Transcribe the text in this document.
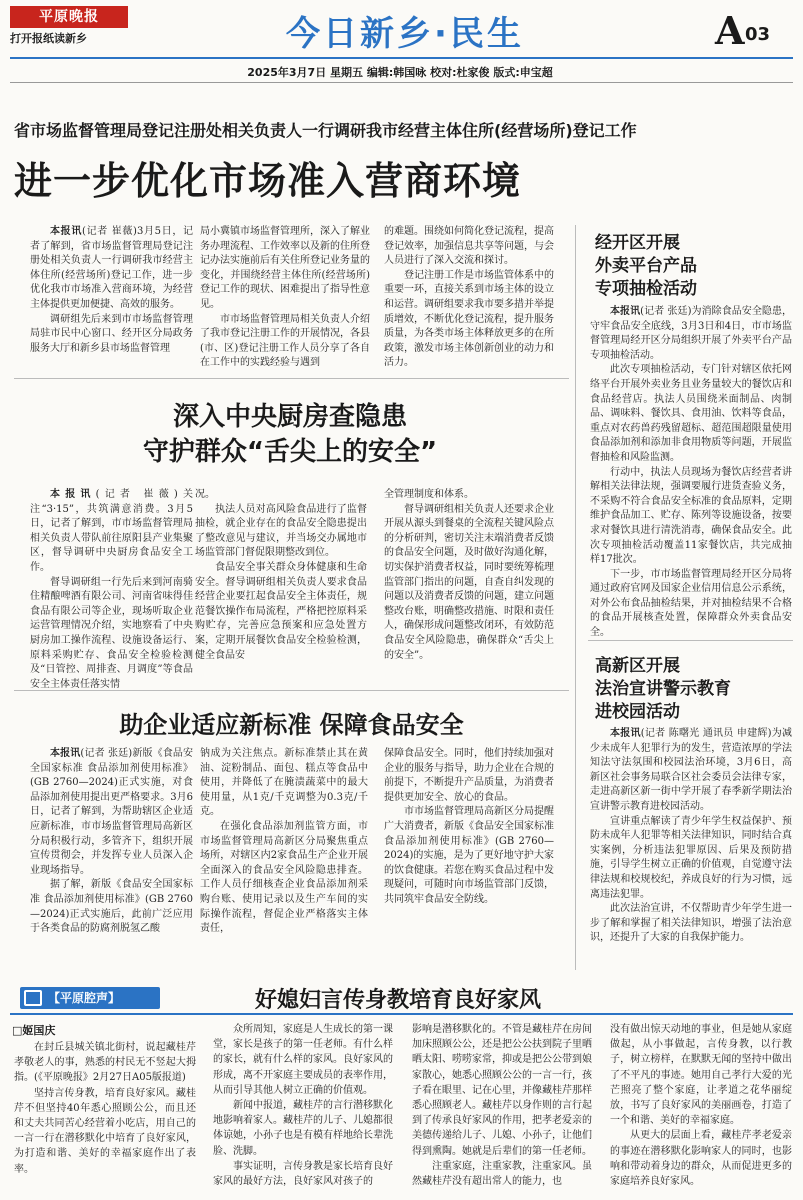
平原晚报
打开报纸读新乡	今日新乡·民生	A 03
2025年3月7日 星期五 编辑:韩国咏 校对:杜家俊 版式:申宝超
省市场监督管理局登记注册处相关负责人一行调研我市经营主体住所(经营场所)登记工作
进一步优化市场准入营商环境

本报讯(记者 崔薇)3月5日，记者了解到，省市场监督管理局登记注册处相关负责人一行调研我市经营主体住所(经营场所)登记工作，进一步优化我市市场准入营商环境，为经营主体提供更加便捷、高效的服务。

调研组先后来到市市场监督管理局驻市民中心窗口、经开区分局政务服务大厅和新乡县市场监督管理

局小冀镇市场监督管理所，深入了解业务办理流程、工作效率以及新的住所登记办法实施前后有关住所登记业务量的变化，并围绕经营主体住所(经营场所)登记工作的现状、困难提出了指导性意见。

市市场监督管理局相关负责人介绍了我市登记注册工作的开展情况，各县(市、区)登记注册工作人员分享了各自在工作中的实践经验与遇到

的难题。围绕如何简化登记流程，提高登记效率，加强信息共享等问题，与会人员进行了深入交流和探讨。

登记注册工作是市场监管体系中的重要一环，直接关系到市场主体的设立和运营。调研组要求我市要多措并举提质增效，不断优化登记流程，提升服务质量，为各类市场主体释放更多的在所政策，激发市场主体创新创业的动力和活力。

深入中央厨房查隐患
守护群众“舌尖上的安全”

本报讯(记者 崔薇)关注“3·15”，共筑满意消费。3月5日，记者了解到，市市场监督管理局相关负责人带队前往原阳县产业集聚区，督导调研中央厨房食品安全工作。

督导调研组一行先后来到河南骑住精酿啤酒有限公司、河南省味得佳食品有限公司等企业，现场听取企业运营管理情况介绍，实地察看了中央厨房加工操作流程、设施设备运行、原料采购贮存、食品安全检验检测及“日管控、周排查、月调度”等食品安全主体责任落实情

况。

执法人员对高风险食品进行了监督抽检，就企业存在的食品安全隐患提出了整改意见与建议，并当场交办属地市场监管部门督促限期整改到位。

食品安全事关群众身体健康和生命安全。督导调研组相关负责人要求食品经营企业要扛起食品安全主体责任，规范餐饮操作布局流程，严格把控原料采购贮存，完善应急预案和应急处置方案，定期开展餐饮食品安全检验检测，健全食品安

全管理制度和体系。

督导调研组相关负责人还要求企业开展从源头到餐桌的全流程关键风险点的分析研判，密切关注末端消费者反馈的食品安全问题，及时做好沟通化解，切实保护消费者权益，同时要统筹梳理监管部门指出的问题，自查自纠发现的问题以及消费者反馈的问题，建立问题整改台账，明确整改措施、时限和责任人，确保形成问题整改闭环，有效防范食品安全风险隐患，确保群众“舌尖上的安全”。

助企业适应新标准 保障食品安全

本报讯(记者 张廷)新版《食品安全国家标准 食品添加剂使用标准》(GB 2760—2024)正式实施，对食品添加剂使用提出更严格要求。3月6日，记者了解到，为帮助辖区企业适应新标准，市市场监督管理局高新区分局积极行动，多管齐下，组织开展宣传贯彻会，并发挥专业人员深入企业现场指导。

据了解，新版《食品安全国家标准 食品添加剂使用标准》(GB 2760—2024)正式实施后，此前广泛应用于各类食品的防腐剂脱氢乙酸

钠成为关注焦点。新标准禁止其在黄油、淀粉制品、面包、糕点等食品中使用，并降低了在腌渍蔬菜中的最大使用量，从1克/千克调整为0.3克/千克。

在强化食品添加剂监管方面，市市场监督管理局高新区分局聚焦重点场所，对辖区内2家食品生产企业开展全面深入的食品安全风险隐患排查。工作人员仔细核查企业食品添加剂采购台账、使用记录以及生产车间的实际操作流程，督促企业严格落实主体责任，

保障食品安全。同时，他们持续加强对企业的服务与指导，助力企业在合规的前提下，不断提升产品质量，为消费者提供更加安全、放心的食品。

市市场监督管理局高新区分局提醒广大消费者，新版《食品安全国家标准 食品添加剂使用标准》(GB 2760—2024)的实施，是为了更好地守护大家的饮食健康。若您在购买食品过程中发现疑问，可随时向市场监管部门反馈，共同筑牢食品安全防线。

经开区开展
外卖平台产品
专项抽检活动

本报讯(记者 张廷)为消除食品安全隐患，守牢食品安全底线，3月3日和4日，市市场监督管理局经开区分局组织开展了外卖平台产品专项抽检活动。

此次专项抽检活动，专门针对辖区依托网络平台开展外卖业务且业务量较大的餐饮店和食品经营店。执法人员围绕米面制品、肉制品、调味料、餐饮具、食用油、饮料等食品，重点对农药兽药残留超标、超范围超限量使用食品添加剂和添加非食用物质等问题，开展监督抽检和风险监测。

行动中，执法人员现场为餐饮店经营者讲解相关法律法规，强调要履行进货查验义务，不采购不符合食品安全标准的食品原料，定期维护食品加工、贮存、陈列等设施设备，按要求对餐饮具进行清洗消毒，确保食品安全。此次专项抽检活动覆盖11家餐饮店，共完成抽样17批次。

下一步，市市场监督管理局经开区分局将通过政府官网及国家企业信用信息公示系统，对外公布食品抽检结果，并对抽检结果不合格的食品开展核查处置，保障群众外卖食品安全。

高新区开展
法治宣讲警示教育
进校园活动

本报讯(记者 陈曙光 通讯员 申建辉)为减少未成年人犯罪行为的发生，营造浓厚的学法知法守法氛围和校园法治环境，3月6日，高新区社会事务局联合区社会委员会法律专家，走进高新区新一街中学开展了春季新学期法治宣讲警示教育进校园活动。

宣讲重点解读了青少年学生权益保护、预防未成年人犯罪等相关法律知识，同时结合真实案例，分析违法犯罪原因、后果及预防措施，引导学生树立正确的价值观，自觉遵守法律法规和校规校纪，养成良好的行为习惯，远离违法犯罪。

此次法治宣讲，不仅帮助青少年学生进一步了解和掌握了相关法律知识，增强了法治意识，还提升了大家的自我保护能力。

【平原腔声】	好媳妇言传身教培育良好家风
□姬国庆

在封丘县城关镇北街村，说起藏桂芹孝敬老人的事，熟悉的村民无不竖起大拇指。(《平原晚报》2月27日A05版报道)

坚持言传身教，培育良好家风。藏桂芹不但坚持40年悉心照顾公公，而且还和丈夫共同苦心经营着小吃店，用自己的一言一行在潜移默化中培育了良好家风，为打造和谐、美好的幸福家庭作出了表率。

众所周知，家庭是人生成长的第一课堂，家长是孩子的第一任老师。有什么样的家长，就有什么样的家风。良好家风的形成，离不开家庭主要成员的表率作用，从而引导其他人树立正确的价值观。

新闻中报道，藏桂芹的言行潜移默化地影响着家人。藏桂芹的儿子、儿媳都很体谅她，小孙子也是有模有样地给长辈洗脸、洗脚。

事实证明，言传身教是家长培育良好家风的最好方法，良好家风对孩子的

影响是潜移默化的。不管是藏桂芹在房间加床照顾公公，还是把公公扶到院子里晒晒太阳、唠唠家常，抑或是把公公带到娘家散心，她悉心照顾公公的一言一行，孩子看在眼里、记在心里，并像藏桂芹那样悉心照顾老人。藏桂芹以身作则的言行起到了传承良好家风的作用，把孝老爱亲的美德传递给儿子、儿媳、小孙子，让他们得到熏陶。她就是后辈们的第一任老师。

注重家庭，注重家教，注重家风。虽然藏桂芹没有超出常人的能力，也

没有做出惊天动地的事业，但是她从家庭做起，从小事做起，言传身教，以行教子，树立榜样，在默默无闻的坚持中做出了不平凡的事迹。她用自己孝行大爱的光芒照亮了整个家庭，让孝道之花华丽绽放，书写了良好家风的美丽画卷，打造了一个和谐、美好的幸福家庭。

从更大的层面上看，藏桂芹孝老爱亲的事迹在潜移默化影响家人的同时，也影响和带动着身边的群众，从而促进更多的家庭培养良好家风。
